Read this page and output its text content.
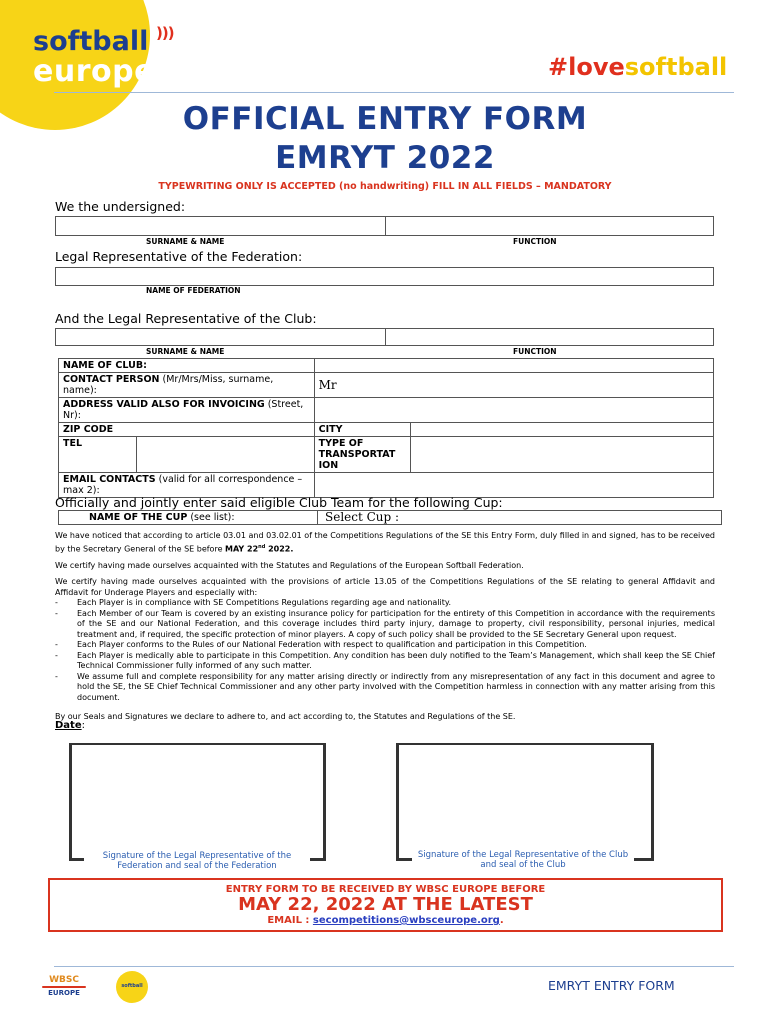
softball
europe
)))
#lovesoftball
OFFICIAL ENTRY FORM
EMRYT 2022
TYPEWRITING ONLY IS ACCEPTED (no handwriting) FILL IN ALL FIELDS – MANDATORY
We the undersigned:
SURNAME & NAME	FUNCTION
Legal Representative of the Federation:
NAME OF FEDERATION
And the Legal Representative of the Club:
SURNAME & NAME	FUNCTION
NAME OF CLUB:			
CONTACT PERSON (Mr/Mrs/Miss, surname, name):		Mr	
ADDRESS VALID ALSO FOR INVOICING (Street, Nr):			
ZIP CODE		CITY	
TEL		TYPE OF TRANSPORTAT ION	
EMAIL CONTACTS (valid for all correspondence – max 2):			
Officially and jointly enter said eligible Club Team for the following Cup:
NAME OF THE CUP (see list):	Select Cup :

We have noticed that according to article 03.01 and 03.02.01 of the Competitions Regulations of the SE this Entry Form, duly filled in and signed, has to be received by the Secretary General of the SE before MAY 22nd 2022.

We certify having made ourselves acquainted with the Statutes and Regulations of the European Softball Federation.

We certify having made ourselves acquainted with the provisions of article 13.05 of the Competitions Regulations of the SE relating to general Affidavit and Affidavit for Underage Players and especially with:

- Each Player is in compliance with SE Competitions Regulations regarding age and nationality.
- Each Member of our Team is covered by an existing insurance policy for participation for the entirety of this Competition in accordance with the requirements of the SE and our National Federation, and this coverage includes third party injury, damage to property, civil responsibility, personal injuries, medical treatment and, if required, the specific protection of minor players. A copy of such policy shall be provided to the SE Secretary General upon request.
- Each Player conforms to the Rules of our National Federation with respect to qualification and participation in this Competition.
- Each Player is medically able to participate in this Competition. Any condition has been duly notified to the Team’s Management, which shall keep the SE Chief Technical Commissioner fully informed of any such matter.
- We assume full and complete responsibility for any matter arising directly or indirectly from any misrepresentation of any fact in this document and agree to hold the SE, the SE Chief Technical Commissioner and any other party involved with the Competition harmless in connection with any matter arising from this document.

By our Seals and Signatures we declare to adhere to, and act according to, the Statutes and Regulations of the SE.

Date:
Signature of the Legal Representative of the Federation and seal of the Federation
Signature of the Legal Representative of the Club and seal of the Club
ENTRY FORM TO BE RECEIVED BY WBSC EUROPE BEFORE
MAY 22, 2022 AT THE LATEST
EMAIL : secompetitions@wbsceurope.org.
WBSC
EUROPE
softball	EMRYT ENTRY FORM
